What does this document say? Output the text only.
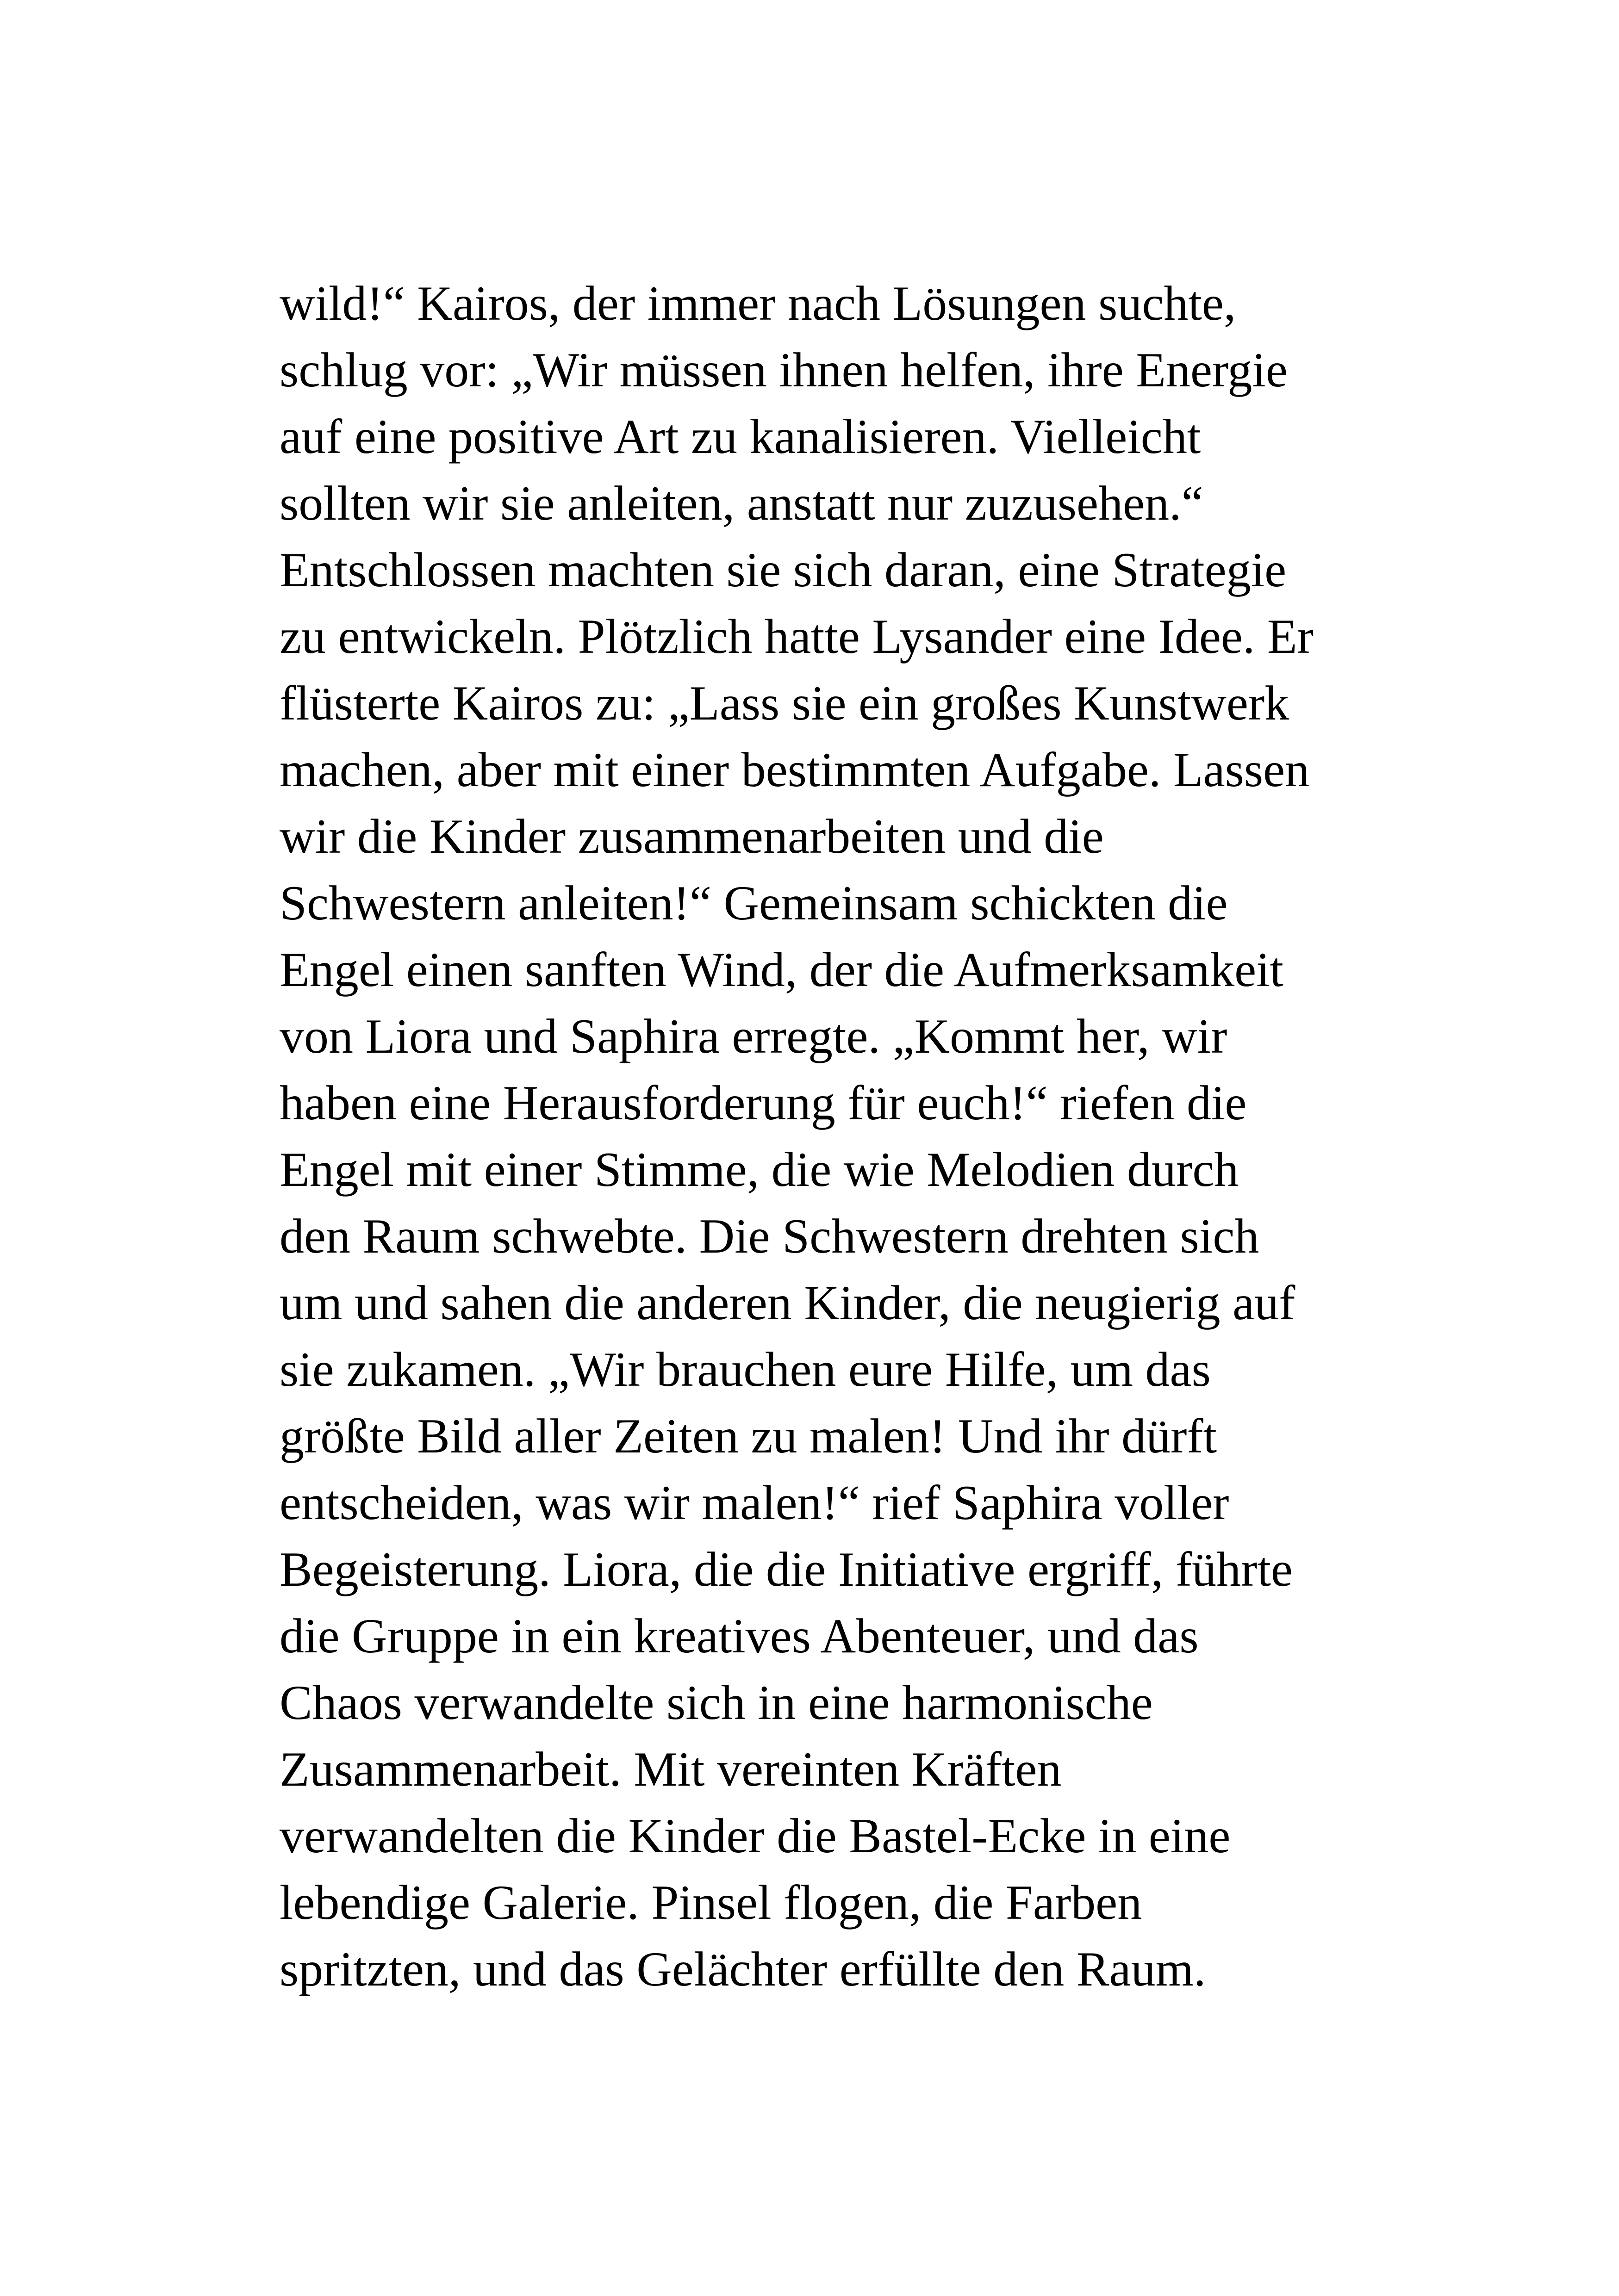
wild!“ Kairos, der immer nach Lösungen suchte,
schlug vor: „Wir müssen ihnen helfen, ihre Energie
auf eine positive Art zu kanalisieren. Vielleicht
sollten wir sie anleiten, anstatt nur zuzusehen.“
Entschlossen machten sie sich daran, eine Strategie
zu entwickeln. Plötzlich hatte Lysander eine Idee. Er
flüsterte Kairos zu: „Lass sie ein großes Kunstwerk
machen, aber mit einer bestimmten Aufgabe. Lassen
wir die Kinder zusammenarbeiten und die
Schwestern anleiten!“ Gemeinsam schickten die
Engel einen sanften Wind, der die Aufmerksamkeit
von Liora und Saphira erregte. „Kommt her, wir
haben eine Herausforderung für euch!“ riefen die
Engel mit einer Stimme, die wie Melodien durch
den Raum schwebte. Die Schwestern drehten sich
um und sahen die anderen Kinder, die neugierig auf
sie zukamen. „Wir brauchen eure Hilfe, um das
größte Bild aller Zeiten zu malen! Und ihr dürft
entscheiden, was wir malen!“ rief Saphira voller
Begeisterung. Liora, die die Initiative ergriff, führte
die Gruppe in ein kreatives Abenteuer, und das
Chaos verwandelte sich in eine harmonische
Zusammenarbeit. Mit vereinten Kräften
verwandelten die Kinder die Bastel-Ecke in eine
lebendige Galerie. Pinsel flogen, die Farben
spritzten, und das Gelächter erfüllte den Raum.
